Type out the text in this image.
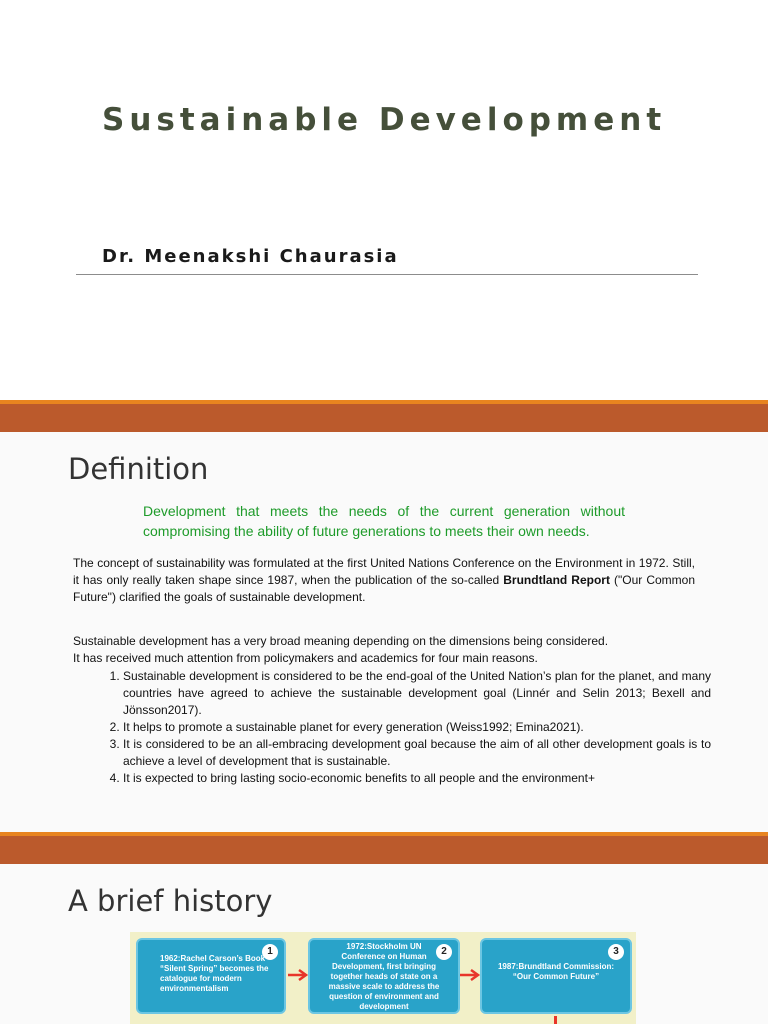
Sustainable Development
Dr. Meenakshi Chaurasia
Definition
Development that meets the needs of the current generation without compromising the ability of future generations to meets their own needs.
The concept of sustainability was formulated at the first United Nations Conference on the Environment in 1972. Still, it has only really taken shape since 1987, when the publication of the so-called Brundtland Report ("Our Common Future") clarified the goals of sustainable development.
Sustainable development has a very broad meaning depending on the dimensions being considered.
It has received much attention from policymakers and academics for four main reasons.
1. Sustainable development is considered to be the end-goal of the United Nation’s plan for the planet, and many countries have agreed to achieve the sustainable development goal (Linnér and Selin 2013; Bexell and Jönsson2017).
2. It helps to promote a sustainable planet for every generation (Weiss1992; Emina2021).
3. It is considered to be an all-embracing development goal because the aim of all other development goals is to achieve a level of development that is sustainable.
4. It is expected to bring lasting socio-economic benefits to all people and the environment+
A brief history
1
1962:Rachel Carson’s Book “Silent Spring” becomes the catalogue for modern environmentalism
2
1972:Stockholm UN Conference on Human Development, first bringing together heads of state on a massive scale to address the question of environment and development
3
1987:Brundtland Commission: “Our Common Future”
